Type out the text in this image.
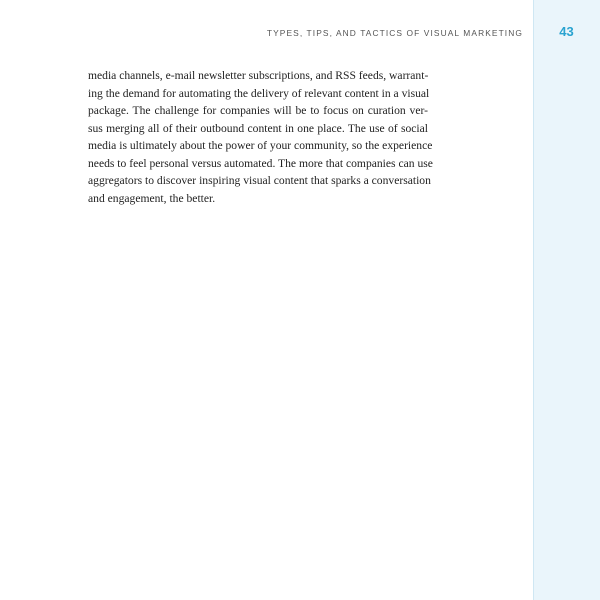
TYPES, TIPS, AND TACTICS OF VISUAL MARKETING	43
media channels, e-mail newsletter subscriptions, and RSS feeds, warrant-
ing the demand for automating the delivery of relevant content in a visual
package. The challenge for companies will be to focus on curation ver-
sus merging all of their outbound content in one place. The use of social
media is ultimately about the power of your community, so the experience
needs to feel personal versus automated. The more that companies can use
aggregators to discover inspiring visual content that sparks a conversation
and engagement, the better.
